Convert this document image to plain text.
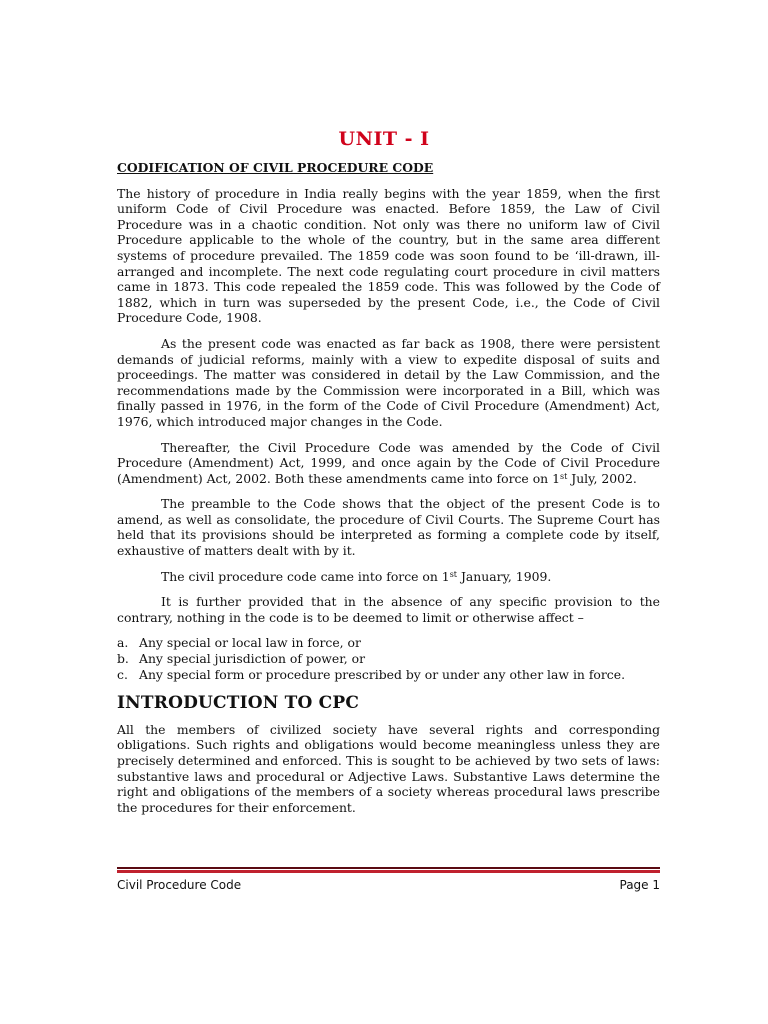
UNIT - I
CODIFICATION OF CIVIL PROCEDURE CODE

The history of procedure in India really begins with the year 1859, when the first uniform Code of Civil Procedure was enacted. Before 1859, the Law of Civil Procedure was in a chaotic condition. Not only was there no uniform law of Civil Procedure applicable to the whole of the country, but in the same area different systems of procedure prevailed. The 1859 code was soon found to be ‘ill-drawn, ill-arranged and incomplete. The next code regulating court procedure in civil matters came in 1873. This code repealed the 1859 code. This was followed by the Code of 1882, which in turn was superseded by the present Code, i.e., the Code of Civil Procedure Code, 1908.

As the present code was enacted as far back as 1908, there were persistent demands of judicial reforms, mainly with a view to expedite disposal of suits and proceedings. The matter was considered in detail by the Law Commission, and the recommendations made by the Commission were incorporated in a Bill, which was finally passed in 1976, in the form of the Code of Civil Procedure (Amendment) Act, 1976, which introduced major changes in the Code.

Thereafter, the Civil Procedure Code was amended by the Code of Civil Procedure (Amendment) Act, 1999, and once again by the Code of Civil Procedure (Amendment) Act, 2002. Both these amendments came into force on 1st July, 2002.

The preamble to the Code shows that the object of the present Code is to amend, as well as consolidate, the procedure of Civil Courts. The Supreme Court has held that its provisions should be interpreted as forming a complete code by itself, exhaustive of matters dealt with by it.

The civil procedure code came into force on 1st January, 1909.

It is further provided that in the absence of any specific provision to the contrary, nothing in the code is to be deemed to limit or otherwise affect –

a. Any special or local law in force, or
b. Any special jurisdiction of power, or
c. Any special form or procedure prescribed by or under any other law in force.
INTRODUCTION TO CPC

All the members of civilized society have several rights and corresponding obligations. Such rights and obligations would become meaningless unless they are precisely determined and enforced. This is sought to be achieved by two sets of laws: substantive laws and procedural or Adjective Laws. Substantive Laws determine the right and obligations of the members of a society whereas procedural laws prescribe the procedures for their enforcement.

Civil Procedure Code	Page 1
